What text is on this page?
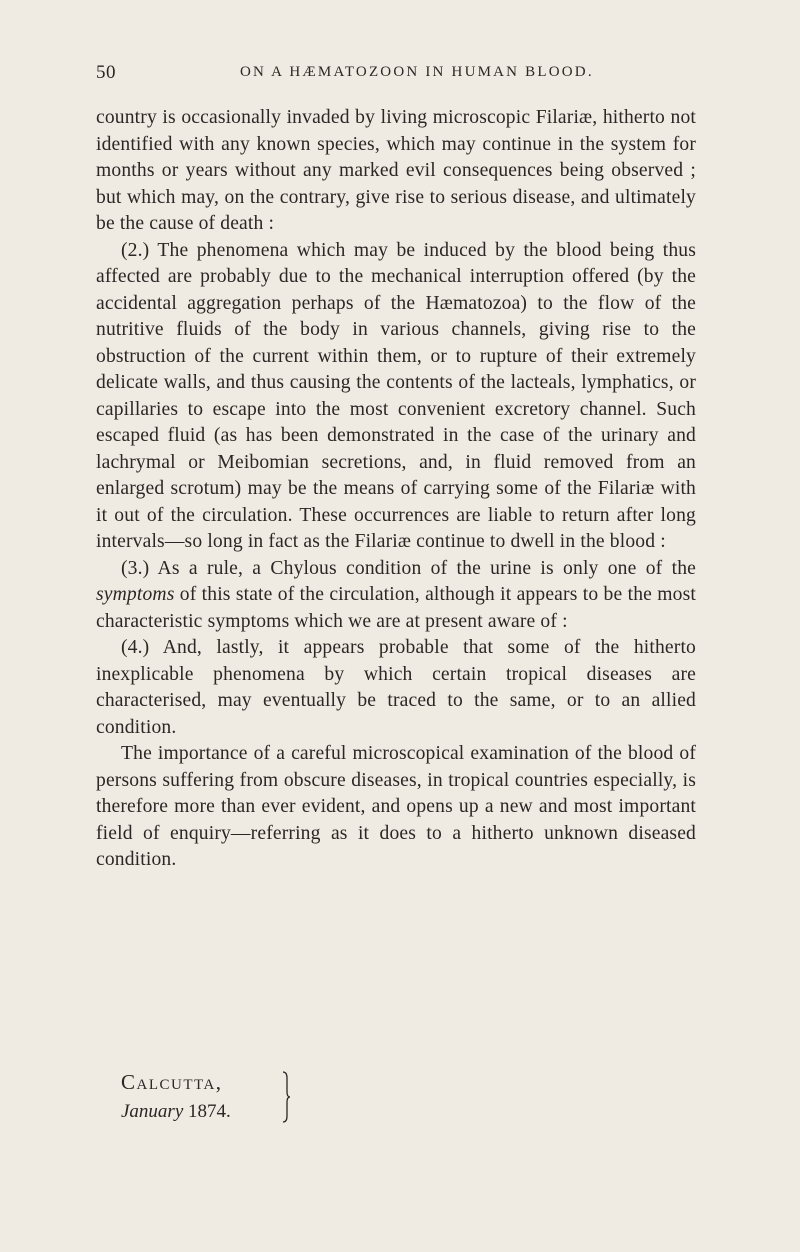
50	ON A HÆMATOZOON IN HUMAN BLOOD.

country is occasionally invaded by living microscopic Filariæ, hitherto not identified with any known species, which may continue in the system for months or years without any marked evil consequences being observed ; but which may, on the contrary, give rise to serious disease, and ultimately be the cause of death :

(2.) The phenomena which may be induced by the blood being thus affected are probably due to the mechanical interruption offered (by the accidental aggregation perhaps of the Hæmatozoa) to the flow of the nutritive fluids of the body in various channels, giving rise to the obstruction of the current within them, or to rupture of their extremely delicate walls, and thus causing the contents of the lacteals, lymphatics, or capillaries to escape into the most convenient excretory channel. Such escaped fluid (as has been demonstrated in the case of the urinary and lachrymal or Meibomian secretions, and, in fluid removed from an enlarged scrotum) may be the means of carrying some of the Filariæ with it out of the circulation. These occurrences are liable to return after long intervals—so long in fact as the Filariæ continue to dwell in the blood :

(3.) As a rule, a Chylous condition of the urine is only one of the symptoms of this state of the circulation, although it appears to be the most characteristic symptoms which we are at present aware of :

(4.) And, lastly, it appears probable that some of the hitherto inexplicable phenomena by which certain tropical diseases are characterised, may eventually be traced to the same, or to an allied condition.

The importance of a careful microscopical examination of the blood of persons suffering from obscure diseases, in tropical countries especially, is therefore more than ever evident, and opens up a new and most important field of enquiry—referring as it does to a hitherto unknown diseased condition.

Calcutta,
January 1874.
